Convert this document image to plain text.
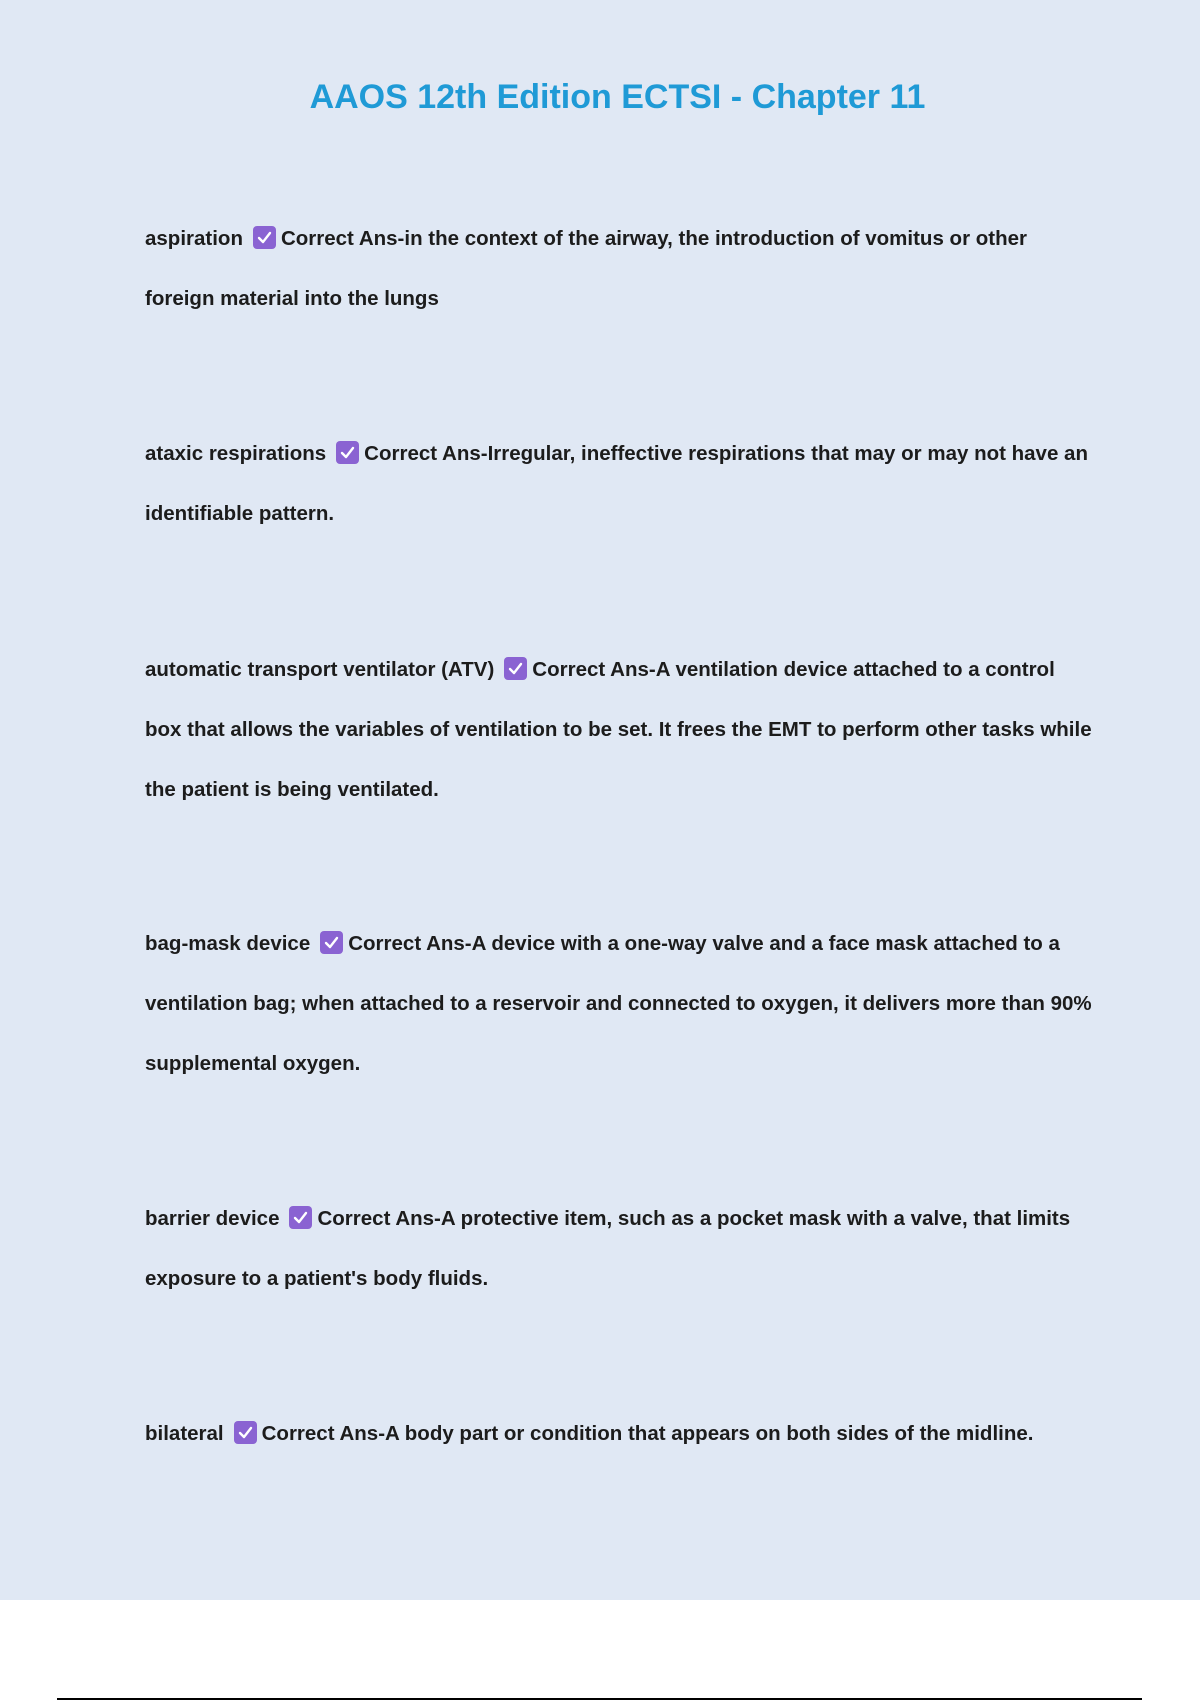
AAOS 12th Edition ECTSI - Chapter 11

aspiration Correct Ans-in the context of the airway, the introduction of vomitus or other foreign material into the lungs

ataxic respirations Correct Ans-Irregular, ineffective respirations that may or may not have an identifiable pattern.

automatic transport ventilator (ATV) Correct Ans-A ventilation device attached to a control box that allows the variables of ventilation to be set. It frees the EMT to perform other tasks while the patient is being ventilated.

bag-mask device Correct Ans-A device with a one-way valve and a face mask attached to a ventilation bag; when attached to a reservoir and connected to oxygen, it delivers more than 90% supplemental oxygen.

barrier device Correct Ans-A protective item, such as a pocket mask with a valve, that limits exposure to a patient's body fluids.

bilateral Correct Ans-A body part or condition that appears on both sides of the midline.
